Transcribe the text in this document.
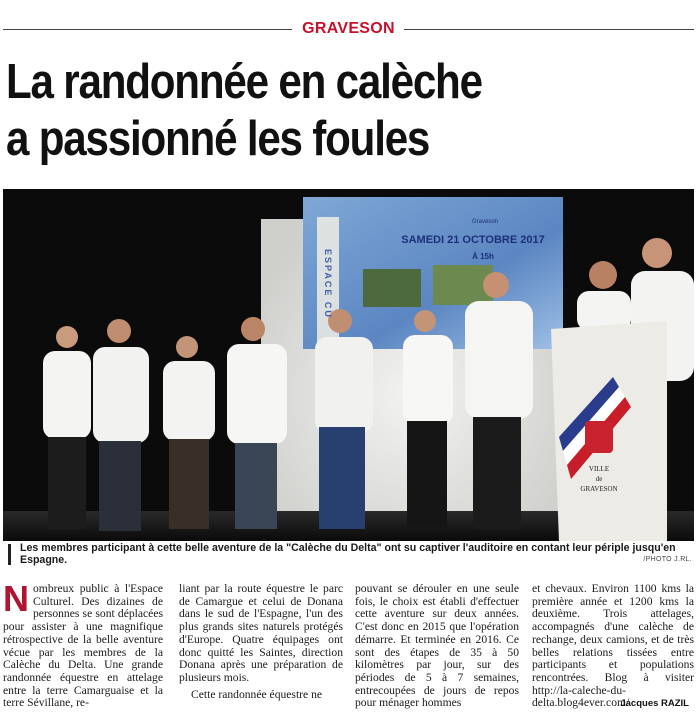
GRAVESON
La randonnée en calèche
a passionné les foules
VILLE
de
GRAVESON
SAMEDI 21 OCTOBRE 2017
À 15h
Graveson
ESPACE CU
Les membres participant à cette belle aventure de la "Calèche du Delta" ont su captiver l'auditoire en contant leur périple jusqu'en Espagne.	/PHOTO J.RL.
Nombreux public à l'Espace Culturel. Des dizaines de personnes se sont déplacées pour assister à une magnifique rétrospective de la belle aventure vécue par les membres de la Calèche du Delta. Une grande randonnée équestre en attelage entre la terre Camarguaise et la terre Sévillane, re-
liant par la route équestre le parc de Camargue et celui de Donana dans le sud de l'Espagne, l'un des plus grands sites naturels protégés d'Europe. Quatre équipages ont donc quitté les Saintes, direction Donana après une préparation de plusieurs mois.
Cette randonnée équestre ne
pouvant se dérouler en une seule fois, le choix est établi d'effectuer cette aventure sur deux années. C'est donc en 2015 que l'opération démarre. Et terminée en 2016. Ce sont des étapes de 35 à 50 kilomètres par jour, sur des périodes de 5 à 7 semaines, entrecoupées de jours de repos pour ménager hommes
et chevaux. Environ 1100 kms la première année et 1200 kms la deuxième. Trois attelages, accompagnés d'une calèche de rechange, deux camions, et de très belles relations tissées entre participants et populations rencontrées. Blog à visiter http://la-caleche-du-delta.blog4ever.com/
Jacques RAZIL
